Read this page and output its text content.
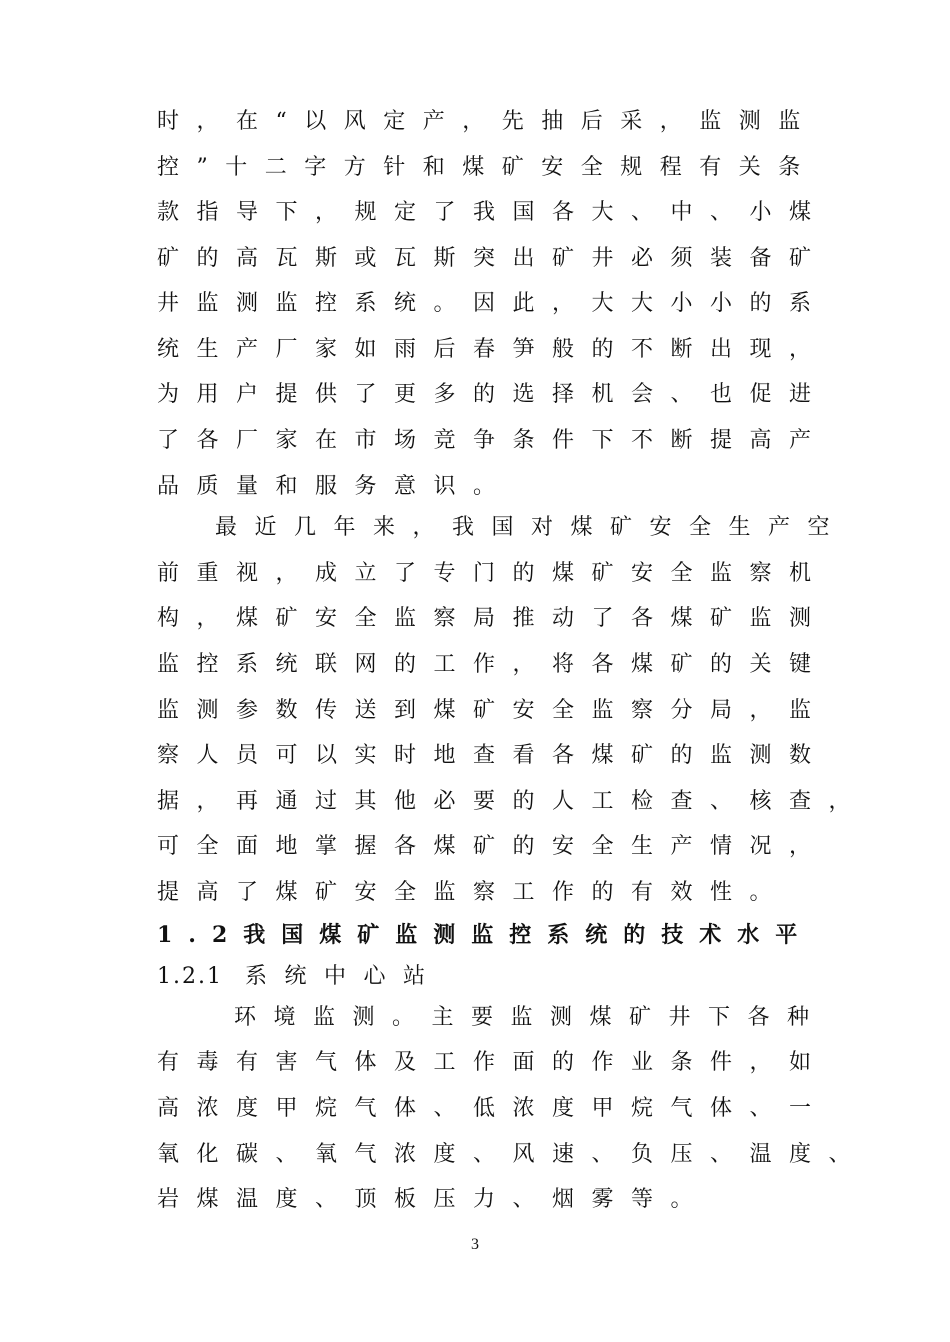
时，在“以风定产，先抽后采，监测监
控”十二字方针和煤矿安全规程有关条
款指导下，规定了我国各大、中、小煤
矿的高瓦斯或瓦斯突出矿井必须装备矿
井监测监控系统。因此，大大小小的系
统生产厂家如雨后春笋般的不断出现，
为用户提供了更多的选择机会、也促进
了各厂家在市场竞争条件下不断提高产
品质量和服务意识。
最近几年来，我国对煤矿安全生产空
前重视，成立了专门的煤矿安全监察机
构，煤矿安全监察局推动了各煤矿监测
监控系统联网的工作，将各煤矿的关键
监测参数传送到煤矿安全监察分局，监
察人员可以实时地查看各煤矿的监测数
据，再通过其他必要的人工检查、核查，
可全面地掌握各煤矿的安全生产情况，
提高了煤矿安全监察工作的有效性。
1.2我国煤矿监测监控系统的技术水平
1.2.1 系统中心站
环境监测。主要监测煤矿井下各种
有毒有害气体及工作面的作业条件，如
高浓度甲烷气体、低浓度甲烷气体、一
氧化碳、氧气浓度、风速、负压、温度、
岩煤温度、顶板压力、烟雾等。
3
